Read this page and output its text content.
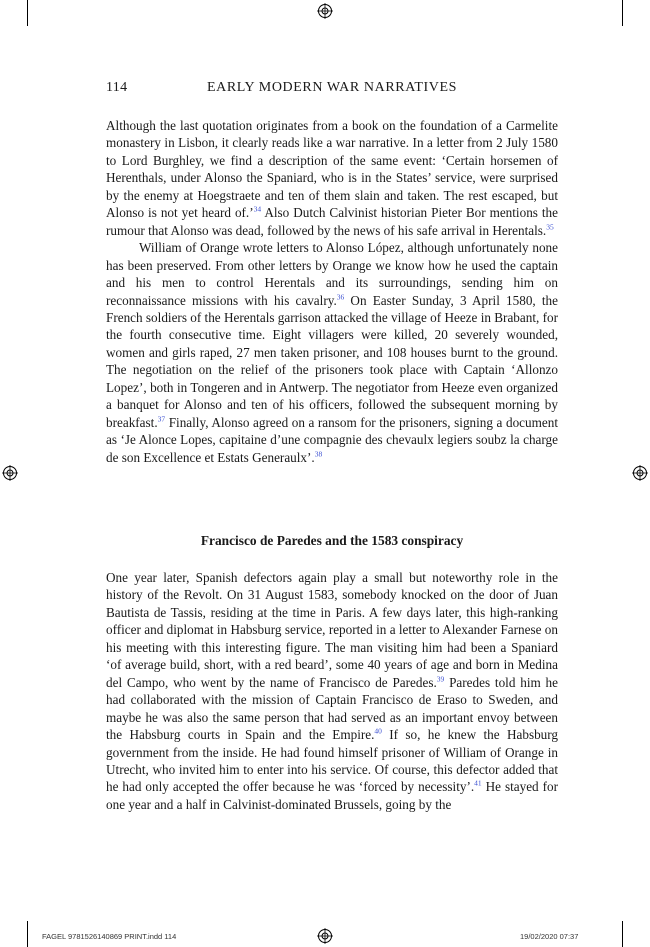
114	EARLY MODERN WAR NARRATIVES

Although the last quotation originates from a book on the foundation of a Carmelite monastery in Lisbon, it clearly reads like a war narrative. In a letter from 2 July 1580 to Lord Burghley, we find a description of the same event: ‘Certain horsemen of Herenthals, under Alonso the Spaniard, who is in the States’ service, were surprised by the enemy at Hoegstraete and ten of them slain and taken. The rest escaped, but Alonso is not yet heard of.’$^{34}$ Also Dutch Calvinist historian Pieter Bor mentions the rumour that Alonso was dead, followed by the news of his safe arrival in Herentals.$^{35}$

William of Orange wrote letters to Alonso López, although unfortunately none has been preserved. From other letters by Orange we know how he used the captain and his men to control Herentals and its surroundings, sending him on reconnaissance missions with his cavalry.$^{36}$ On Easter Sunday, 3 April 1580, the French soldiers of the Herentals garrison attacked the village of Heeze in Brabant, for the fourth consecutive time. Eight villagers were killed, 20 severely wounded, women and girls raped, 27 men taken prisoner, and 108 houses burnt to the ground. The negotiation on the relief of the prisoners took place with Captain ‘Allonzo Lopez’, both in Tongeren and in Antwerp. The negotiator from Heeze even organized a banquet for Alonso and ten of his officers, followed the subsequent morning by breakfast.$^{37}$ Finally, Alonso agreed on a ransom for the prisoners, signing a document as ‘Je Alonce Lopes, capitaine d’une compagnie des chevaulx legiers soubz la charge de son Excellence et Estats Generaulx’.$^{38}$

Francisco de Paredes and the 1583 conspiracy

One year later, Spanish defectors again play a small but noteworthy role in the history of the Revolt. On 31 August 1583, somebody knocked on the door of Juan Bautista de Tassis, residing at the time in Paris. A few days later, this high-ranking officer and diplomat in Habsburg service, reported in a letter to Alexander Farnese on his meeting with this interesting figure. The man visiting him had been a Spaniard ‘of average build, short, with a red beard’, some 40 years of age and born in Medina del Campo, who went by the name of Francisco de Paredes.$^{39}$ Paredes told him he had collaborated with the mission of Captain Francisco de Eraso to Sweden, and maybe he was also the same person that had served as an important envoy between the Habsburg courts in Spain and the Empire.$^{40}$ If so, he knew the Habsburg government from the inside. He had found himself prisoner of William of Orange in Utrecht, who invited him to enter into his service. Of course, this defector added that he had only accepted the offer because he was ‘forced by necessity’.$^{41}$ He stayed for one year and a half in Calvinist-dominated Brussels, going by the

FAGEL 9781526140869 PRINT.indd 114	19/02/2020 07:37
